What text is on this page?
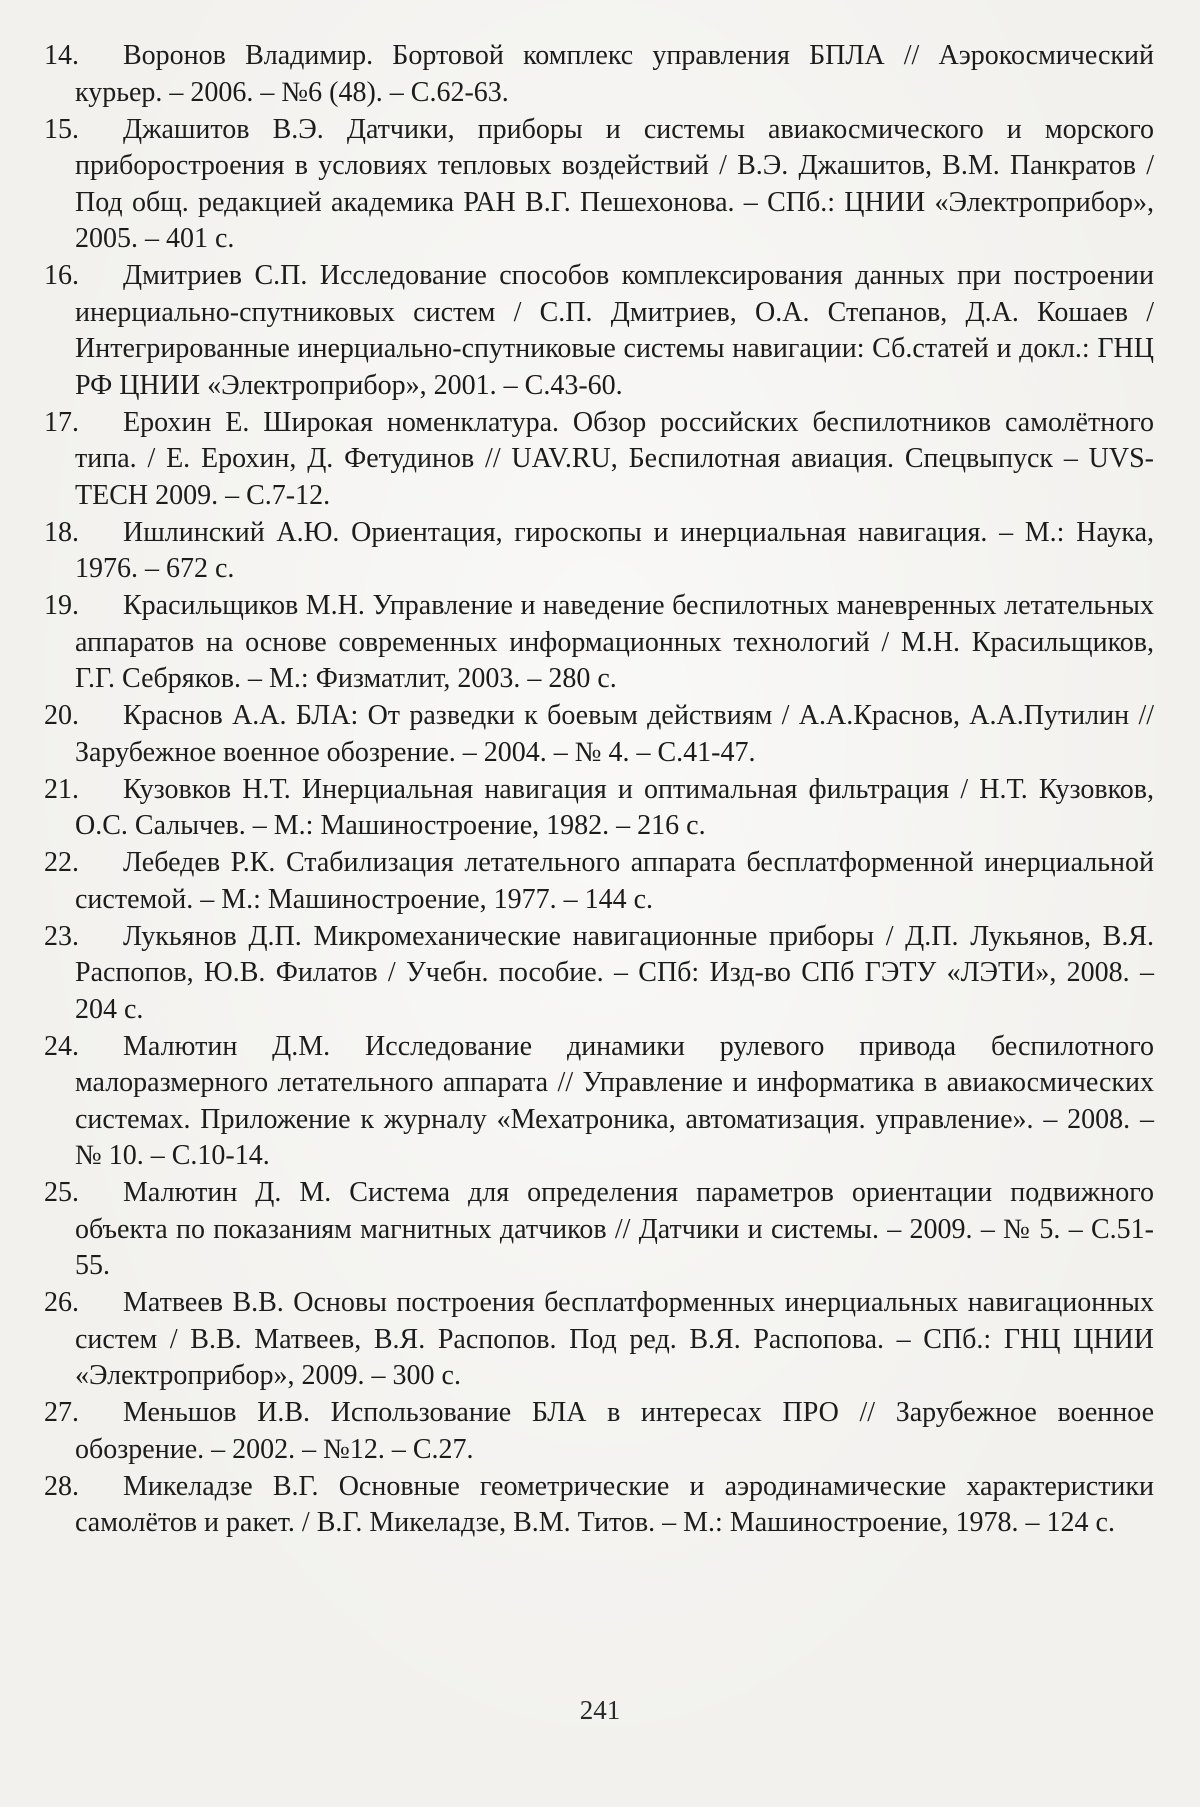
14. Воронов Владимир. Бортовой комплекс управления БПЛА // Аэрокосмический курьер. – 2006. – №6 (48). – С.62-63.
15. Джашитов В.Э. Датчики, приборы и системы авиакосмического и морского приборостроения в условиях тепловых воздействий / В.Э. Джашитов, В.М. Панкратов / Под общ. редакцией академика РАН В.Г. Пешехонова. – СПб.: ЦНИИ «Электроприбор», 2005. – 401 с.
16. Дмитриев С.П. Исследование способов комплексирования данных при построении инерциально-спутниковых систем / С.П. Дмитриев, О.А. Степанов, Д.А. Кошаев / Интегрированные инерциально-спутниковые системы навигации: Сб.статей и докл.: ГНЦ РФ ЦНИИ «Электроприбор», 2001. – С.43-60.
17. Ерохин Е. Широкая номенклатура. Обзор российских беспилотников самолётного типа. / Е. Ерохин, Д. Фетудинов // UAV.RU, Беспилотная авиация. Спецвыпуск – UVS-TECH 2009. – С.7-12.
18. Ишлинский А.Ю. Ориентация, гироскопы и инерциальная навигация. – М.: Наука, 1976. – 672 с.
19. Красильщиков М.Н. Управление и наведение беспилотных маневренных летательных аппаратов на основе современных информационных технологий / М.Н. Красильщиков, Г.Г. Себряков. – М.: Физматлит, 2003. – 280 с.
20. Краснов А.А. БЛА: От разведки к боевым действиям / А.А.Краснов, А.А.Путилин // Зарубежное военное обозрение. – 2004. – № 4. – С.41-47.
21. Кузовков Н.Т. Инерциальная навигация и оптимальная фильтрация / Н.Т. Кузовков, О.С. Салычев. – М.: Машиностроение, 1982. – 216 с.
22. Лебедев Р.К. Стабилизация летательного аппарата бесплатформенной инерциальной системой. – М.: Машиностроение, 1977. – 144 с.
23. Лукьянов Д.П. Микромеханические навигационные приборы / Д.П. Лукьянов, В.Я. Распопов, Ю.В. Филатов / Учебн. пособие. – СПб: Изд-во СПб ГЭТУ «ЛЭТИ», 2008. – 204 с.
24. Малютин Д.М. Исследование динамики рулевого привода беспилотного малоразмерного летательного аппарата // Управление и информатика в авиакосмических системах. Приложение к журналу «Мехатроника, автоматизация. управление». – 2008. – № 10. – С.10-14.
25. Малютин Д. М. Система для определения параметров ориентации подвижного объекта по показаниям магнитных датчиков // Датчики и системы. – 2009. – № 5. – С.51-55.
26. Матвеев В.В. Основы построения бесплатформенных инерциальных навигационных систем / В.В. Матвеев, В.Я. Распопов. Под ред. В.Я. Распопова. – СПб.: ГНЦ ЦНИИ «Электроприбор», 2009. – 300 с.
27. Меньшов И.В. Использование БЛА в интересах ПРО // Зарубежное военное обозрение. – 2002. – №12. – С.27.
28. Микеладзе В.Г. Основные геометрические и аэродинамические характеристики самолётов и ракет. / В.Г. Микеладзе, В.М. Титов. – М.: Машиностроение, 1978. – 124 с.
241
